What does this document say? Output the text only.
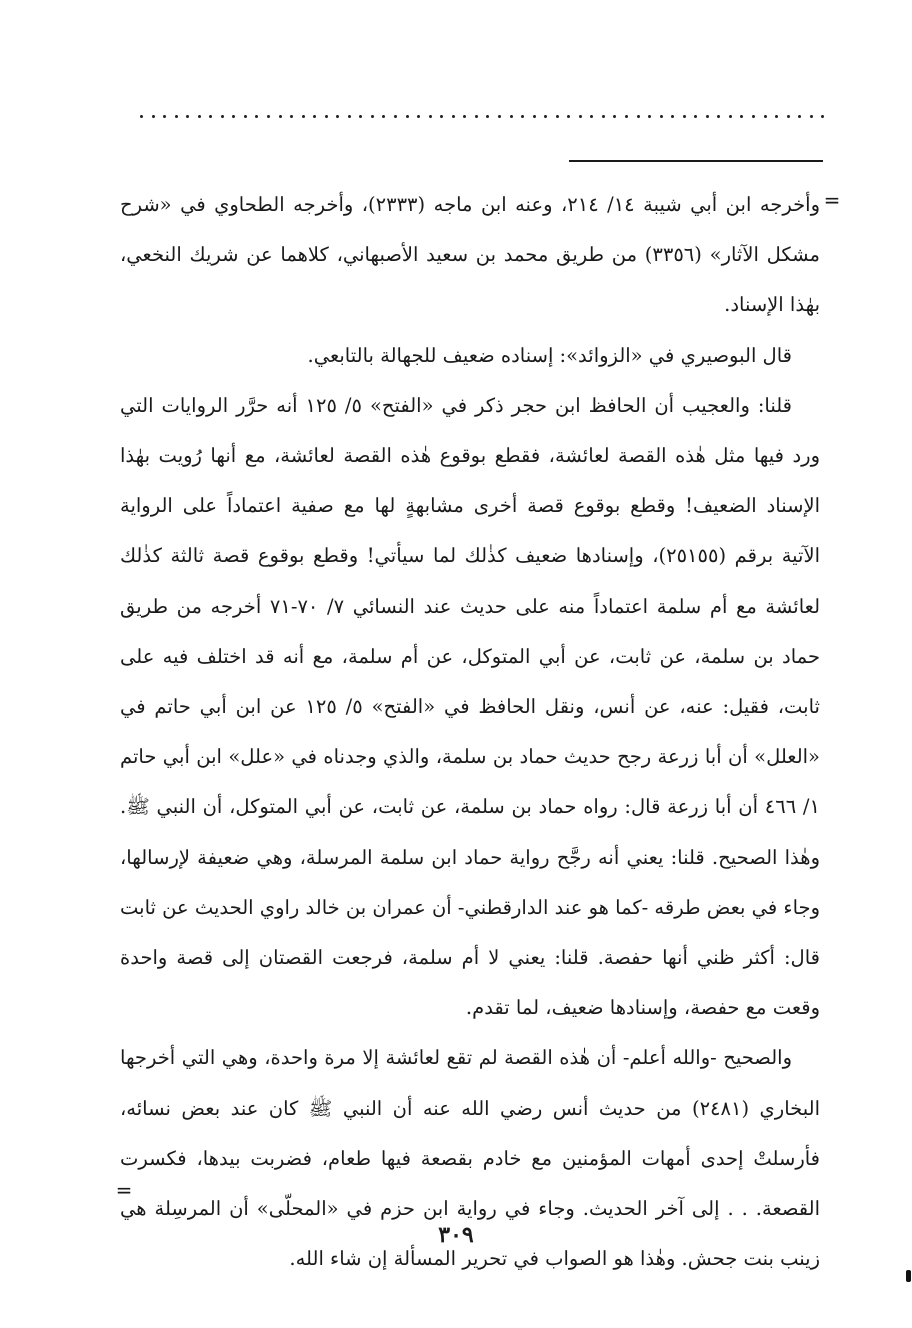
=

وأخرجه ابن أبي شيبة ١٤/ ٢١٤، وعنه ابن ماجه (٢٣٣٣)، وأخرجه الطحاوي في «شرح مشكل الآثار» (٣٣٥٦) من طريق محمد بن سعيد الأصبهاني، كلاهما عن شريك النخعي، بهٰذا الإسناد.

قال البوصيري في «الزوائد»: إسناده ضعيف للجهالة بالتابعي.

قلنا: والعجيب أن الحافظ ابن حجر ذكر في «الفتح» ٥/ ١٢٥ أنه حرَّر الروايات التي ورد فيها مثل هٰذه القصة لعائشة، فقطع بوقوع هٰذه القصة لعائشة، مع أنها رُويت بهٰذا الإسناد الضعيف! وقطع بوقوع قصة أخرى مشابهةٍ لها مع صفية اعتماداً على الرواية الآتية برقم (٢٥١٥٥)، وإسنادها ضعيف كذٰلك لما سيأتي! وقطع بوقوع قصة ثالثة كذٰلك لعائشة مع أم سلمة اعتماداً منه على حديث عند النسائي ٧/ ٧٠-٧١ أخرجه من طريق حماد بن سلمة، عن ثابت، عن أبي المتوكل، عن أم سلمة، مع أنه قد اختلف فيه على ثابت، فقيل: عنه، عن أنس، ونقل الحافظ في «الفتح» ٥/ ١٢٥ عن ابن أبي حاتم في «العلل» أن أبا زرعة رجح حديث حماد بن سلمة، والذي وجدناه في «علل» ابن أبي حاتم ١/ ٤٦٦ أن أبا زرعة قال: رواه حماد بن سلمة، عن ثابت، عن أبي المتوكل، أن النبي ﷺ. وهٰذا الصحيح. قلنا: يعني أنه رجَّح رواية حماد ابن سلمة المرسلة، وهي ضعيفة لإرسالها، وجاء في بعض طرقه -كما هو عند الدارقطني- أن عمران بن خالد راوي الحديث عن ثابت قال: أكثر ظني أنها حفصة. قلنا: يعني لا أم سلمة، فرجعت القصتان إلى قصة واحدة وقعت مع حفصة، وإسنادها ضعيف، لما تقدم.

والصحيح -والله أعلم- أن هٰذه القصة لم تقع لعائشة إلا مرة واحدة، وهي التي أخرجها البخاري (٢٤٨١) من حديث أنس رضي الله عنه أن النبي ﷺ كان عند بعض نسائه، فأرسلتْ إحدى أمهات المؤمنين مع خادم بقصعة فيها طعام، فضربت بيدها، فكسرت القصعة. . . إلى آخر الحديث. وجاء في رواية ابن حزم في «المحلّى» أن المرسِلة هي زينب بنت جحش. وهٰذا هو الصواب في تحرير المسألة إن شاء الله.

=
٣٠٩
